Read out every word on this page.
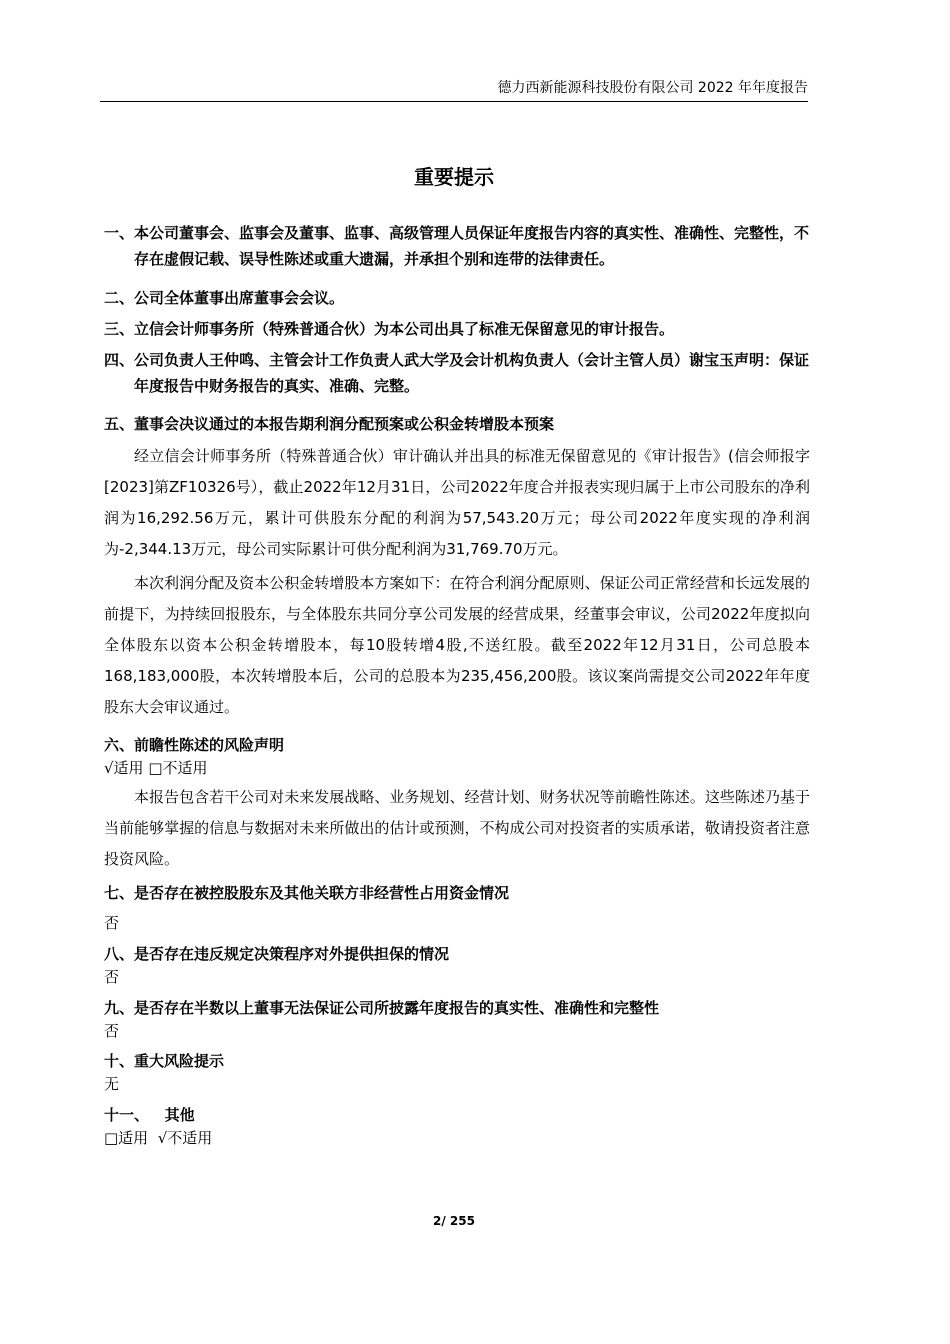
德力西新能源科技股份有限公司 2022 年年度报告
重要提示
一、本公司董事会、监事会及董事、监事、高级管理人员保证年度报告内容的真实性、准确性、完整性，不存在虚假记载、误导性陈述或重大遗漏，并承担个别和连带的法律责任。
二、公司全体董事出席董事会会议。
三、立信会计师事务所（特殊普通合伙）为本公司出具了标准无保留意见的审计报告。
四、公司负责人王仲鸣、主管会计工作负责人武大学及会计机构负责人（会计主管人员）谢宝玉声明：保证年度报告中财务报告的真实、准确、完整。
五、董事会决议通过的本报告期利润分配预案或公积金转增股本预案
经立信会计师事务所（特殊普通合伙）审计确认并出具的标准无保留意见的《审计报告》(信会师报字[2023]第ZF10326号），截止2022年12月31日，公司2022年度合并报表实现归属于上市公司股东的净利润为16,292.56万元，累计可供股东分配的利润为57,543.20万元；母公司2022年度实现的净利润为-2,344.13万元，母公司实际累计可供分配利润为31,769.70万元。
本次利润分配及资本公积金转增股本方案如下：在符合利润分配原则、保证公司正常经营和长远发展的前提下，为持续回报股东，与全体股东共同分享公司发展的经营成果，经董事会审议，公司2022年度拟向全体股东以资本公积金转增股本，每10股转增4股,不送红股。截至2022年12月31日，公司总股本168,183,000股，本次转增股本后，公司的总股本为235,456,200股。该议案尚需提交公司2022年年度股东大会审议通过。
六、前瞻性陈述的风险声明
√适用 □不适用
本报告包含若干公司对未来发展战略、业务规划、经营计划、财务状况等前瞻性陈述。这些陈述乃基于当前能够掌握的信息与数据对未来所做出的估计或预测，不构成公司对投资者的实质承诺，敬请投资者注意投资风险。
七、是否存在被控股股东及其他关联方非经营性占用资金情况
否
八、是否存在违反规定决策程序对外提供担保的情况
否
九、是否存在半数以上董事无法保证公司所披露年度报告的真实性、准确性和完整性
否
十、重大风险提示
无
十一、   其他
□适用  √不适用
2/ 255
